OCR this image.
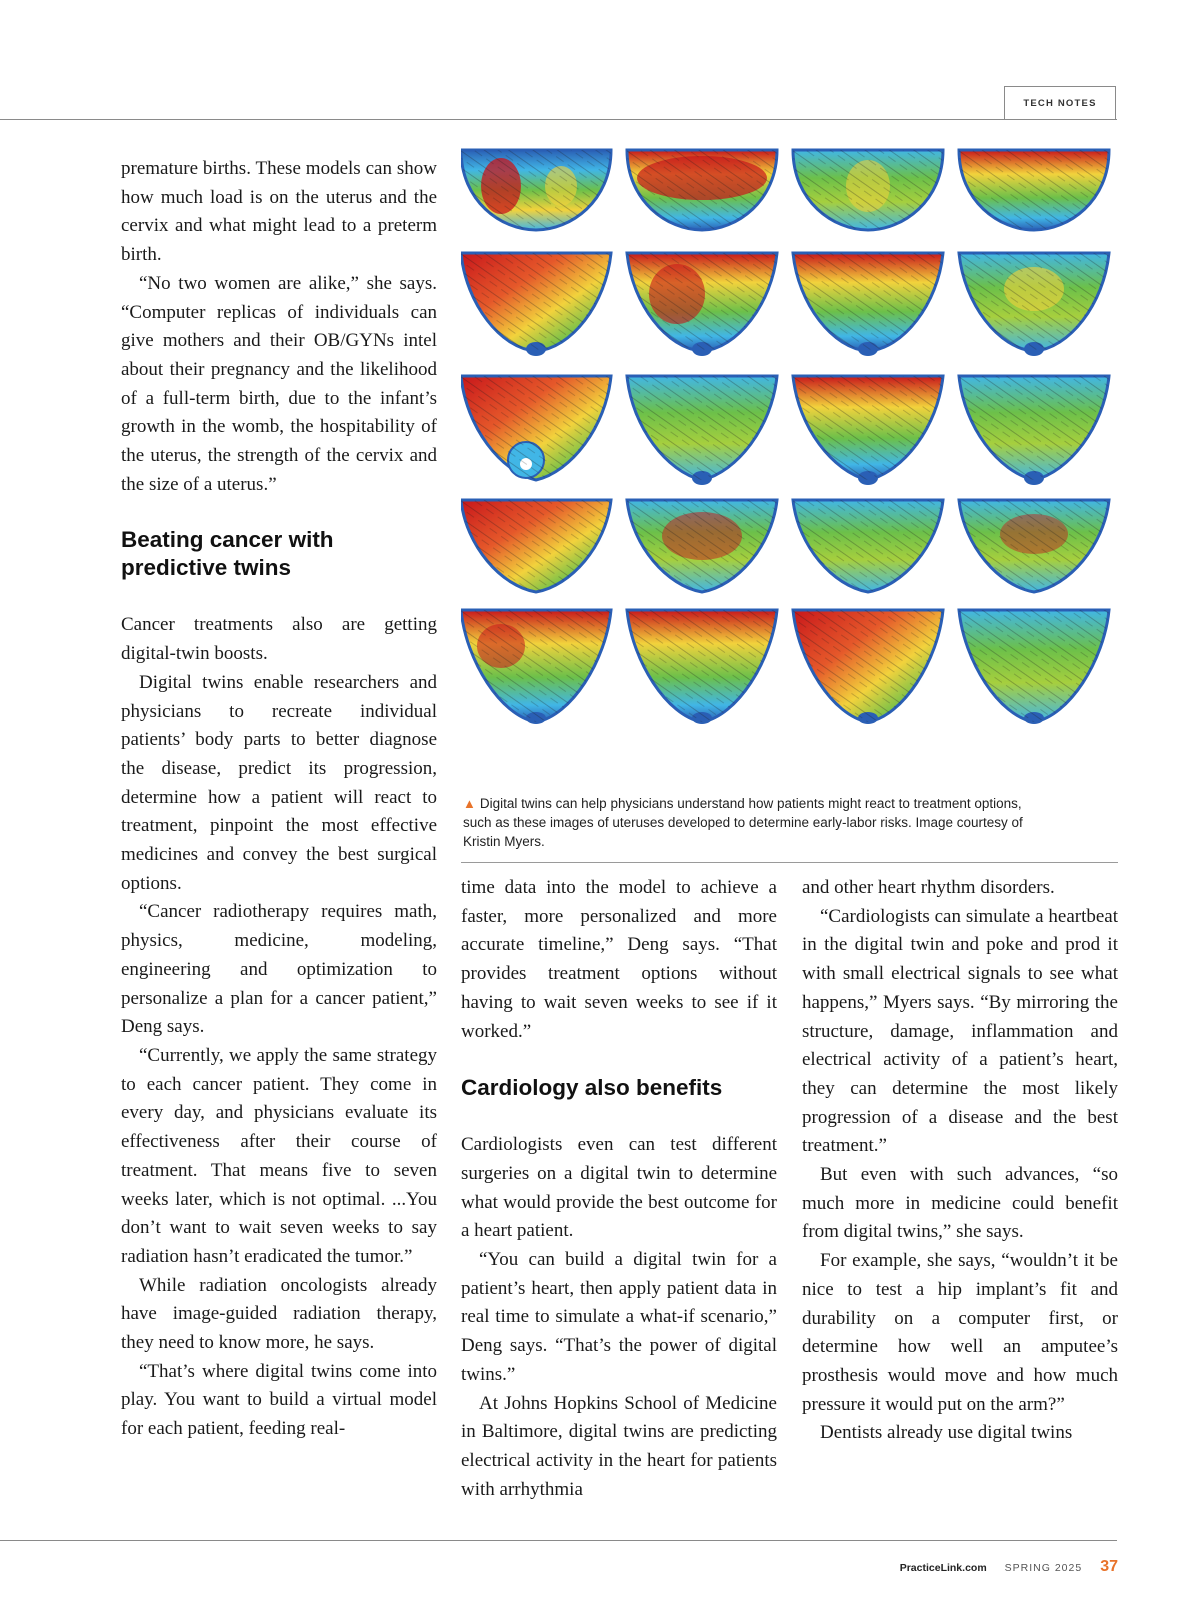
TECH NOTES

premature births. These models can show how much load is on the uterus and the cervix and what might lead to a preterm birth.

“No two women are alike,” she says. “Computer replicas of individuals can give mothers and their OB/GYNs intel about their pregnancy and the likelihood of a full-term birth, due to the infant’s growth in the womb, the hospitability of the uterus, the strength of the cervix and the size of a uterus.”

Beating cancer with
predictive twins

Cancer treatments also are getting digital-twin boosts.

Digital twins enable researchers and physicians to recreate individual patients’ body parts to better diagnose the disease, predict its progression, determine how a patient will react to treatment, pinpoint the most effective medicines and convey the best surgical options.

“Cancer radiotherapy requires math, physics, medicine, modeling, engineering and optimization to personalize a plan for a cancer patient,” Deng says.

“Currently, we apply the same strategy to each cancer patient. They come in every day, and physicians evaluate its effectiveness after their course of treatment. That means five to seven weeks later, which is not optimal. ...You don’t want to wait seven weeks to say radiation hasn’t eradicated the tumor.”

While radiation oncologists already have image-guided radiation therapy, they need to know more, he says.

“That’s where digital twins come into play. You want to build a virtual model for each patient, feeding real-

▲ Digital twins can help physicians understand how patients might react to treatment options, such as these images of uteruses developed to determine early-labor risks. Image courtesy of Kristin Myers.

time data into the model to achieve a faster, more personalized and more accurate timeline,” Deng says. “That provides treatment options without having to wait seven weeks to see if it worked.”

Cardiology also benefits

Cardiologists even can test different surgeries on a digital twin to determine what would provide the best outcome for a heart patient.

“You can build a digital twin for a patient’s heart, then apply patient data in real time to simulate a what-if scenario,” Deng says. “That’s the power of digital twins.”

At Johns Hopkins School of Medicine in Baltimore, digital twins are predicting electrical activity in the heart for patients with arrhythmia

and other heart rhythm disorders.

“Cardiologists can simulate a heartbeat in the digital twin and poke and prod it with small electrical signals to see what happens,” Myers says. “By mirroring the structure, damage, inflammation and electrical activity of a patient’s heart, they can determine the most likely progression of a disease and the best treatment.”

But even with such advances, “so much more in medicine could benefit from digital twins,” she says.

For example, she says, “wouldn’t it be nice to test a hip implant’s fit and durability on a computer first, or determine how well an amputee’s prosthesis would move and how much pressure it would put on the arm?”

Dentists already use digital twins

PracticeLink.com SPRING 2025 37
